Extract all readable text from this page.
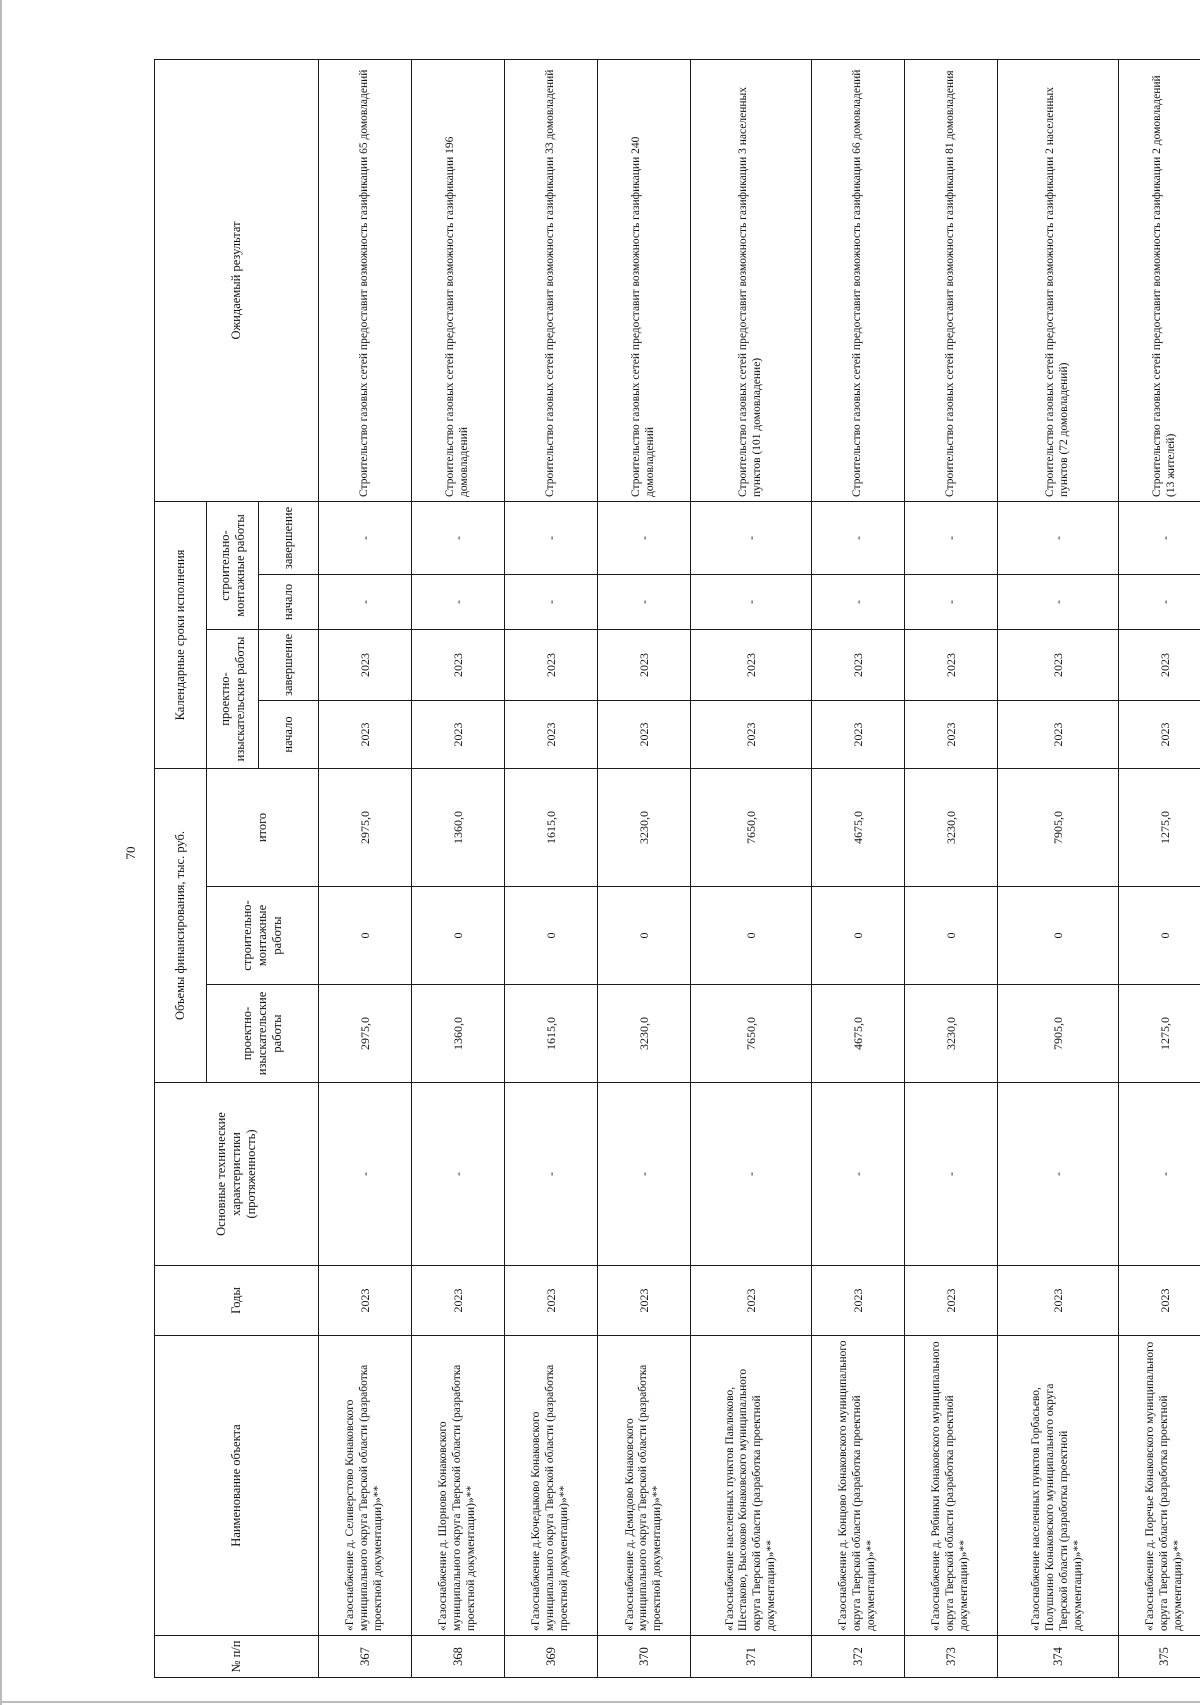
70
№ п/п	Наименование объекта	Годы	Основные технические характеристики (протяженность)	Объемы финансирования, тыс. руб.			Календарные сроки исполнения				Ожидаемый результат
				проектно-изыскательские работы	строительно-монтажные работы	итого	проектно-изыскательские работы		строительно-монтажные работы		
							начало	завершение	начало	завершение	
367	«Газоснабжение д. Селиверстово Конаковского муниципального округа Тверской области (разработка проектной документации)»**	2023	-	2975,0	0	2975,0	2023	2023	-	-	Строительство газовых сетей предоставит возможность газификации 65 домовладений
368	«Газоснабжение д. Шорново Конаковского муниципального округа Тверской области (разработка проектной документации)»**	2023	-	1360,0	0	1360,0	2023	2023	-	-	Строительство газовых сетей предоставит возможность газификации 196 домовладений
369	«Газоснабжение д.Кочедыково Конаковского муниципального округа Тверской области (разработка проектной документации)»**	2023	-	1615,0	0	1615,0	2023	2023	-	-	Строительство газовых сетей предоставит возможность газификации 33 домовладений
370	«Газоснабжение д. Демидово Конаковского муниципального округа Тверской области (разработка проектной документации)»**	2023	-	3230,0	0	3230,0	2023	2023	-	-	Строительство газовых сетей предоставит возможность газификации 240 домовладений
371	«Газоснабжение населенных пунктов Павлюково, Шестаково, Высоково Конаковского муниципального округа Тверской области (разработка проектной документации)»**	2023	-	7650,0	0	7650,0	2023	2023	-	-	Строительство газовых сетей предоставит возможность газификации 3 населенных пунктов (101 домовладение)
372	«Газоснабжение д. Концово Конаковского муниципального округа Тверской области (разработка проектной документации)»**	2023	-	4675,0	0	4675,0	2023	2023	-	-	Строительство газовых сетей предоставит возможность газификации 66 домовладений
373	«Газоснабжение д. Рябинки Конаковского муниципального округа Тверской области (разработка проектной документации)»**	2023	-	3230,0	0	3230,0	2023	2023	-	-	Строительство газовых сетей предоставит возможность газификации 81 домовладения
374	«Газоснабжение населенных пунктов Горбасьево, Полушкино Конаковского муниципального округа Тверской области (разработка проектной документации)»**	2023	-	7905,0	0	7905,0	2023	2023	-	-	Строительство газовых сетей предоставит возможность газификации 2 населенных пунктов (72 домовладений)
375	«Газоснабжение д. Поречье Конаковского муниципального округа Тверской области (разработка проектной документации)»**	2023	-	1275,0	0	1275,0	2023	2023	-	-	Строительство газовых сетей предоставит возможность газификации 2 домовладений (13 жителей)
